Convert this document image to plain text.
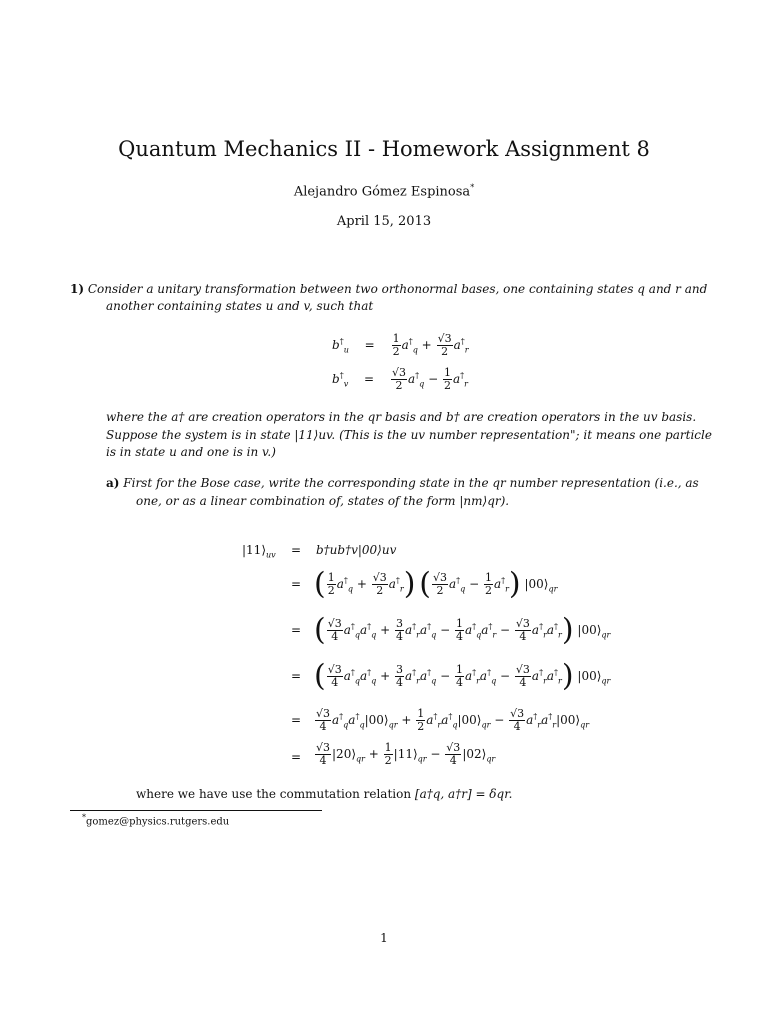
Quantum Mechanics II - Homework Assignment 8
Alejandro Gómez Espinosa*
April 15, 2013
1) Consider a unitary transformation between two orthonormal bases, one containing states q and r and
another containing states u and v, such that
$b^\dagger_u = \frac{1}{2} a^\dagger_q + \frac{√3}{2} a^\dagger_r$
$b^\dagger_v = \frac{√3}{2} a^\dagger_q - \frac{1}{2} a^\dagger_r$
where the a† are creation operators in the qr basis and b† are creation operators in the uv basis.
Suppose the system is in state |11⟩uv. (This is the uv number representation"; it means one particle
is in state u and one is in v.)
a) First for the Bose case, write the corresponding state in the qr number representation (i.e., as
one, or as a linear combination of, states of the form |nm⟩qr).
$|11⟩_{uv}$ = b†ub†v|00⟩uv
= ( $\frac{1}{2} a^\dagger_q + \frac{√3}{2} a^\dagger_r$) ( $\frac{√3}{2} a^\dagger_q - \frac{1}{2} a^\dagger_r$) $|00⟩_{qr}$
= ( $\frac{√3}{4} a^\dagger_qa^\dagger_q + \frac{3}{4} a^\dagger_ra^\dagger_q - \frac{1}{4} a^\dagger_qa^\dagger_r - \frac{√3}{4} a^\dagger_ra^\dagger_r$) $|00⟩_{qr}$
= ( $\frac{√3}{4} a^\dagger_qa^\dagger_q + \frac{3}{4} a^\dagger_ra^\dagger_q - \frac{1}{4} a^\dagger_ra^\dagger_q - \frac{√3}{4} a^\dagger_ra^\dagger_r$) $|00⟩_{qr}$
= $\frac{√3}{4}$ $a^\dagger_qa^\dagger_q|00⟩_{qr} + \frac{1}{2}$ $a^\dagger_ra^\dagger_q|00⟩_{qr} - \frac{√3}{4}$ $a^\dagger_ra^\dagger_r|00⟩_{qr}$
= $\frac{√3}{4}$ $|20⟩_{qr} + \frac{1}{2}$ $|11⟩_{qr} - \frac{√3}{4}$ $|02⟩_{qr}$
where we have use the commutation relation [a†q, a†r] = δqr.
*gomez@physics.rutgers.edu
1
